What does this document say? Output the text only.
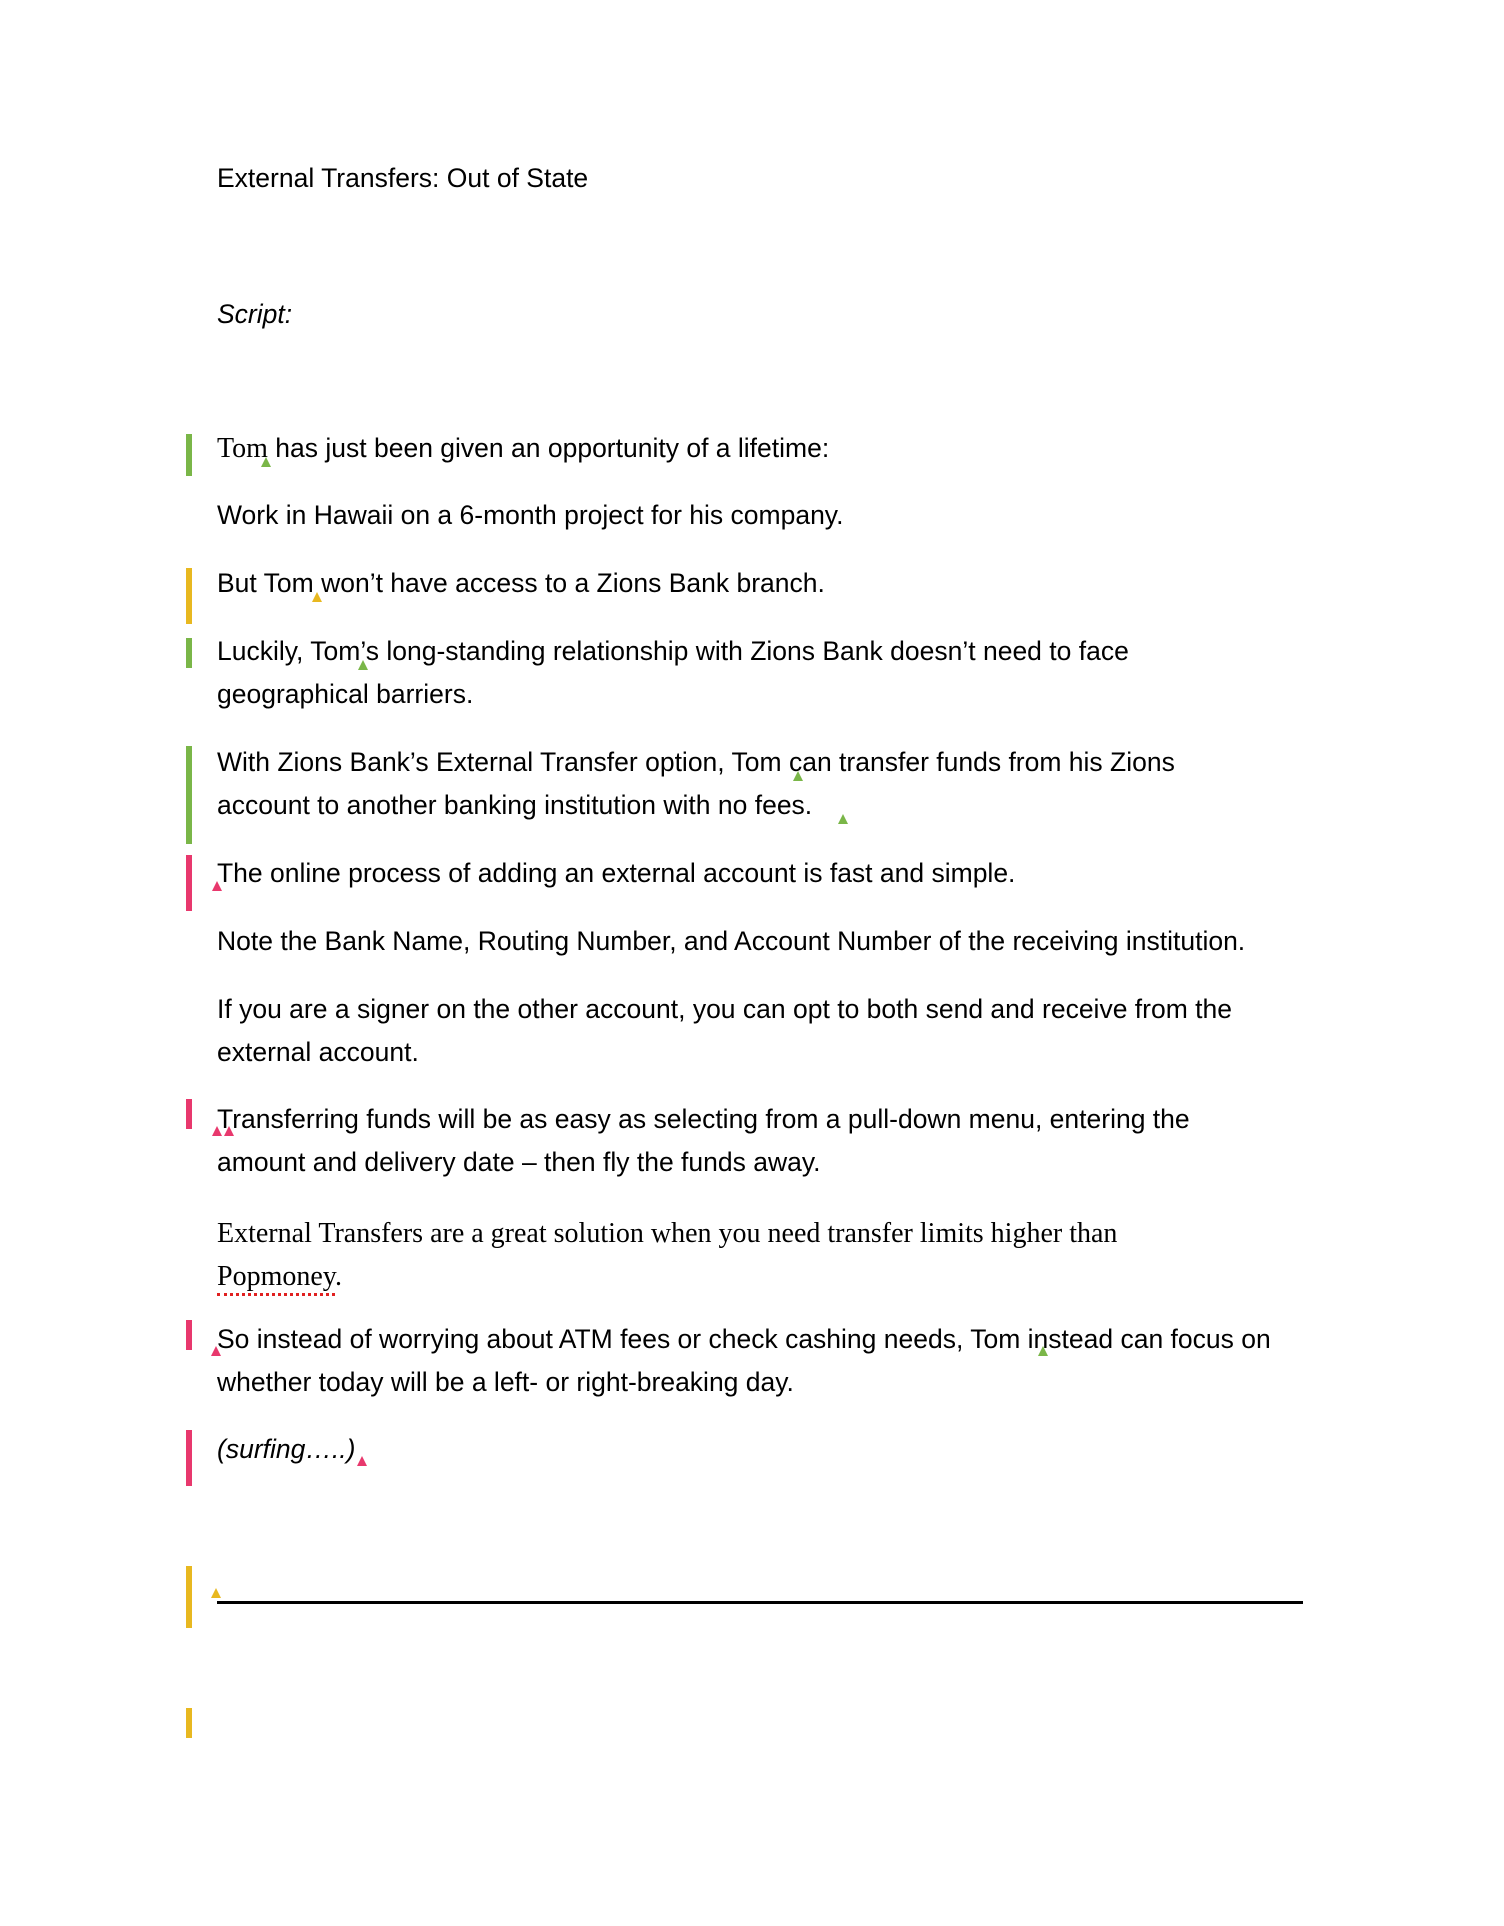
External Transfers: Out of State

Script:

Tom has just been given an opportunity of a lifetime:

Work in Hawaii on a 6-month project for his company.

But Tom won’t have access to a Zions Bank branch.

Luckily, Tom’s long-standing relationship with Zions Bank doesn’t need to face

geographical barriers.

With Zions Bank’s External Transfer option, Tom can transfer funds from his Zions

account to another banking institution with no fees.

The online process of adding an external account is fast and simple.

Note the Bank Name, Routing Number, and Account Number of the receiving institution.

If you are a signer on the other account, you can opt to both send and receive from the

external account.

Transferring funds will be as easy as selecting from a pull-down menu, entering the

amount and delivery date – then fly the funds away.

External Transfers are a great solution when you need transfer limits higher than

Popmoney.

So instead of worrying about ATM fees or check cashing needs, Tom instead can focus on

whether today will be a left- or right-breaking day.

(surfing…..)
